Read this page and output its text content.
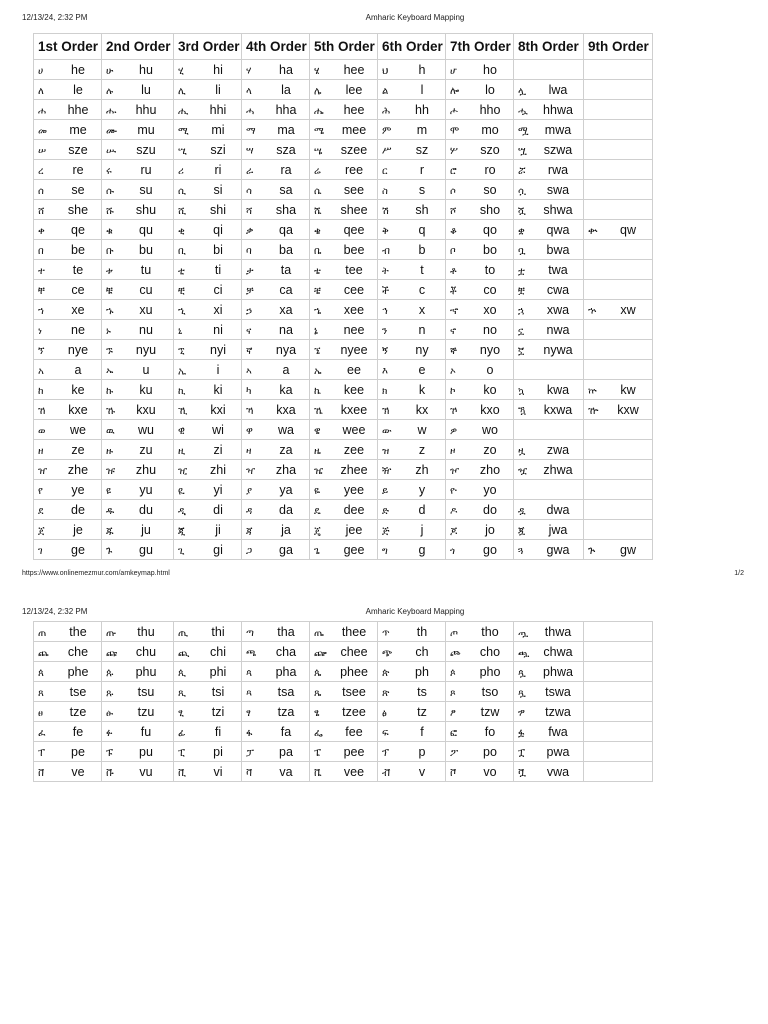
12/13/24, 2:32 PM	Amharic Keyboard Mapping
1st Order	2nd Order	3rd Order	4th Order	5th Order	6th Order	7th Order	8th Order	9th Order
ሀ he	ሁ hu	ሂ hi	ሃ ha	ሄ hee	ህ h	ሆ ho		
ለ le	ሉ lu	ሊ li	ላ la	ሌ lee	ል l	ሎ lo	ሏ lwa	
ሐ hhe	ሑ hhu	ሒ hhi	ሓ hha	ሔ hee	ሕ hh	ሖ hho	ሗ hhwa	
መ me	ሙ mu	ሚ mi	ማ ma	ሜ mee	ም m	ሞ mo	ሟ mwa	
ሠ sze	ሡ szu	ሢ szi	ሣ sza	ሤ szee	ሥ sz	ሦ szo	ሧ szwa	
ረ re	ሩ ru	ሪ ri	ራ ra	ሬ ree	ር r	ሮ ro	ሯ rwa	
ሰ se	ሱ su	ሲ si	ሳ sa	ሴ see	ስ s	ሶ so	ሷ swa	
ሸ she	ሹ shu	ሺ shi	ሻ sha	ሼ shee	ሽ sh	ሾ sho	ሿ shwa	
ቀ qe	ቁ qu	ቂ qi	ቃ qa	ቄ qee	ቅ q	ቆ qo	ቋ qwa	ቍ qw
በ be	ቡ bu	ቢ bi	ባ ba	ቤ bee	ብ b	ቦ bo	ቧ bwa	
ተ te	ቱ tu	ቲ ti	ታ ta	ቴ tee	ት t	ቶ to	ቷ twa	
ቸ ce	ቹ cu	ቺ ci	ቻ ca	ቼ cee	ች c	ቾ co	ቿ cwa	
ኀ xe	ኁ xu	ኂ xi	ኃ xa	ኄ xee	ኅ x	ኆ xo	ኋ xwa	ኍ xw
ነ ne	ኑ nu	ኒ ni	ና na	ኔ nee	ን n	ኖ no	ኗ nwa	
ኘ nye	ኙ nyu	ኚ nyi	ኛ nya	ኜ nyee	ኝ ny	ኞ nyo	ኟ nywa	
አ a	ኡ u	ኢ i	ኣ a	ኤ ee	እ e	ኦ o		
ከ ke	ኩ ku	ኪ ki	ካ ka	ኬ kee	ክ k	ኮ ko	ኳ kwa	ኵ kw
ኸ kxe	ኹ kxu	ኺ kxi	ኻ kxa	ኼ kxee	ኽ kx	ኾ kxo	ዃ kxwa	ዅ kxw
ወ we	ዉ wu	ዊ wi	ዋ wa	ዌ wee	ው w	ዎ wo		
ዘ ze	ዙ zu	ዚ zi	ዛ za	ዜ zee	ዝ z	ዞ zo	ዟ zwa	
ዠ zhe	ዡ zhu	ዢ zhi	ዣ zha	ዤ zhee	ዥ zh	ዦ zho	ዧ zhwa	
የ ye	ዩ yu	ዪ yi	ያ ya	ዬ yee	ይ y	ዮ yo		
ደ de	ዱ du	ዲ di	ዳ da	ዴ dee	ድ d	ዶ do	ዷ dwa	
ጀ je	ጁ ju	ጂ ji	ጃ ja	ጄ jee	ጅ j	ጆ jo	ጇ jwa	
ገ ge	ጉ gu	ጊ gi	ጋ ga	ጌ gee	ግ g	ጎ go	ጓ gwa	ጕ gw
https://www.onlinemezmur.com/amkeymap.html	1/2
12/13/24, 2:32 PM	Amharic Keyboard Mapping
ጠ the	ጡ thu	ጢ thi	ጣ tha	ጤ thee	ጥ th	ጦ tho	ጧ thwa	
ጨ che	ጩ chu	ጪ chi	ጫ cha	ጬ chee	ጭ ch	ጮ cho	ጯ chwa	
ጰ phe	ጱ phu	ጲ phi	ጳ pha	ጴ phee	ጵ ph	ጶ pho	ጷ phwa	
ጸ tse	ጹ tsu	ጺ tsi	ጻ tsa	ጼ tsee	ጽ ts	ጾ tso	ጿ tswa	
ፀ tze	ፁ tzu	ፂ tzi	ፃ tza	ፄ tzee	ፅ tz	ፆ tzw	ፇ tzwa	
ፈ fe	ፉ fu	ፊ fi	ፋ fa	ፌ fee	ፍ f	ፎ fo	ፏ fwa	
ፐ pe	ፑ pu	ፒ pi	ፓ pa	ፔ pee	ፕ p	ፖ po	ፗ pwa	
ቨ ve	ቩ vu	ቪ vi	ቫ va	ቬ vee	ቭ v	ቮ vo	ቯ vwa	
